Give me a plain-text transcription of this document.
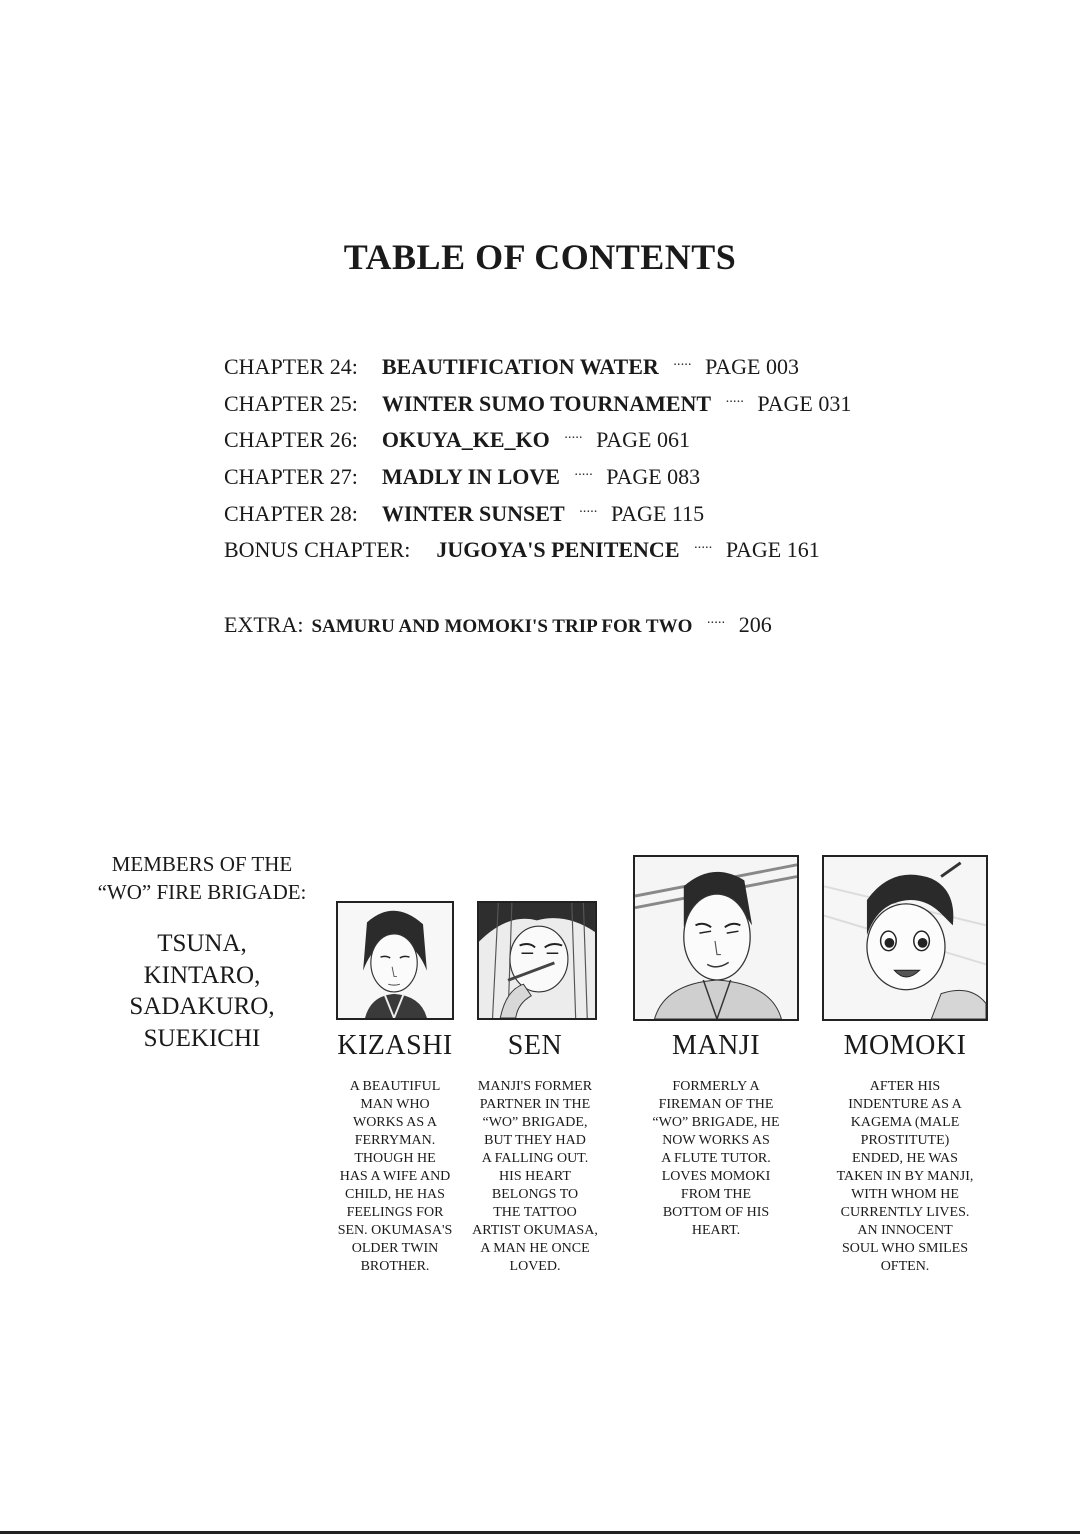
TABLE OF CONTENTS
CHAPTER 24: BEAUTIFICATION WATER ····· PAGE 003
CHAPTER 25: WINTER SUMO TOURNAMENT ····· PAGE 031
CHAPTER 26: OKUYA_KE_KO ····· PAGE 061
CHAPTER 27: MADLY IN LOVE ····· PAGE 083
CHAPTER 28: WINTER SUNSET ····· PAGE 115
BONUS CHAPTER: JUGOYA'S PENITENCE ····· PAGE 161
EXTRA: SAMURU AND MOMOKI'S TRIP FOR TWO ····· 206

MEMBERS OF THE
“WO” FIRE BRIGADE:

TSUNA,
KINTARO,
SADAKURO,
SUEKICHI	KIZASHI
A BEAUTIFUL
MAN WHO
WORKS AS A
FERRYMAN.
THOUGH HE
HAS A WIFE AND
CHILD, HE HAS
FEELINGS FOR
SEN. OKUMASA'S
OLDER TWIN
BROTHER.
SEN
MANJI'S FORMER
PARTNER IN THE
“WO” BRIGADE,
BUT THEY HAD
A FALLING OUT.
HIS HEART
BELONGS TO
THE TATTOO
ARTIST OKUMASA,
A MAN HE ONCE
LOVED.
MANJI
FORMERLY A
FIREMAN OF THE
“WO” BRIGADE, HE
NOW WORKS AS
A FLUTE TUTOR.
LOVES MOMOKI
FROM THE
BOTTOM OF HIS
HEART.
MOMOKI
AFTER HIS
INDENTURE AS A
KAGEMA (MALE
PROSTITUTE)
ENDED, HE WAS
TAKEN IN BY MANJI,
WITH WHOM HE
CURRENTLY LIVES.
AN INNOCENT
SOUL WHO SMILES
OFTEN.
